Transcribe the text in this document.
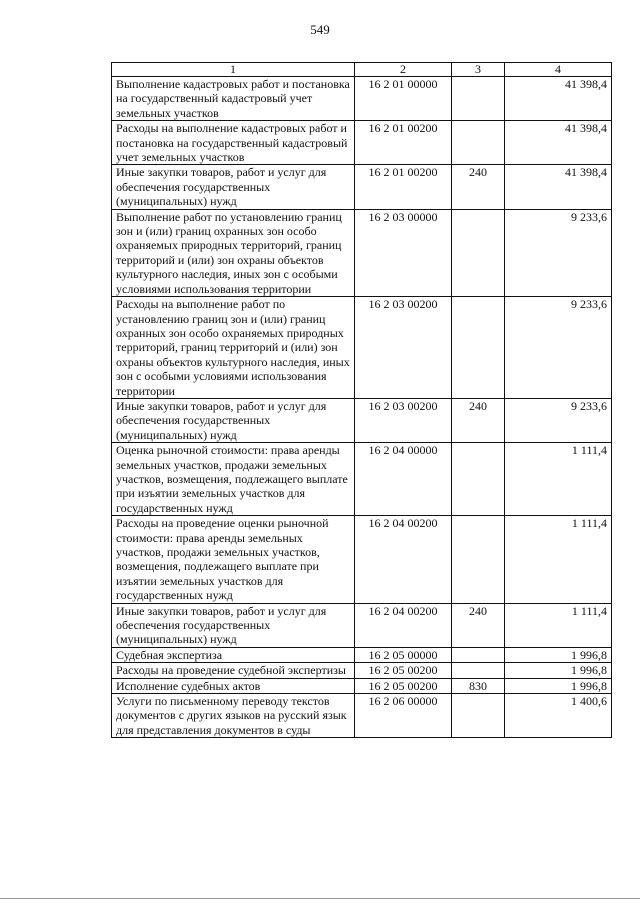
549
1	2	3	4
Выполнение кадастровых работ и постановка на государственный кадастровый учет земельных участков	16 2 01 00000		41 398,4
Расходы на выполнение кадастровых работ и постановка на государственный кадастровый учет земельных участков	16 2 01 00200		41 398,4
Иные закупки товаров, работ и услуг для обеспечения государственных (муниципальных) нужд	16 2 01 00200	240	41 398,4
Выполнение работ по установлению границ зон и (или) границ охранных зон особо охраняемых природных территорий, границ территорий и (или) зон охраны объектов культурного наследия, иных зон с особыми условиями использования территории	16 2 03 00000		9 233,6
Расходы на выполнение работ по установлению границ зон и (или) границ охранных зон особо охраняемых природных территорий, границ территорий и (или) зон охраны объектов культурного наследия, иных зон с особыми условиями использования территории	16 2 03 00200		9 233,6
Иные закупки товаров, работ и услуг для обеспечения государственных (муниципальных) нужд	16 2 03 00200	240	9 233,6
Оценка рыночной стоимости: права аренды земельных участков, продажи земельных участков, возмещения, подлежащего выплате при изъятии земельных участков для государственных нужд	16 2 04 00000		1 111,4
Расходы на проведение оценки рыночной стоимости: права аренды земельных участков, продажи земельных участков, возмещения, подлежащего выплате при изъятии земельных участков для государственных нужд	16 2 04 00200		1 111,4
Иные закупки товаров, работ и услуг для обеспечения государственных (муниципальных) нужд	16 2 04 00200	240	1 111,4
Судебная экспертиза	16 2 05 00000		1 996,8
Расходы на проведение судебной экспертизы	16 2 05 00200		1 996,8
Исполнение судебных актов	16 2 05 00200	830	1 996,8
Услуги по письменному переводу текстов документов с других языков на русский язык для представления документов в суды	16 2 06 00000		1 400,6
